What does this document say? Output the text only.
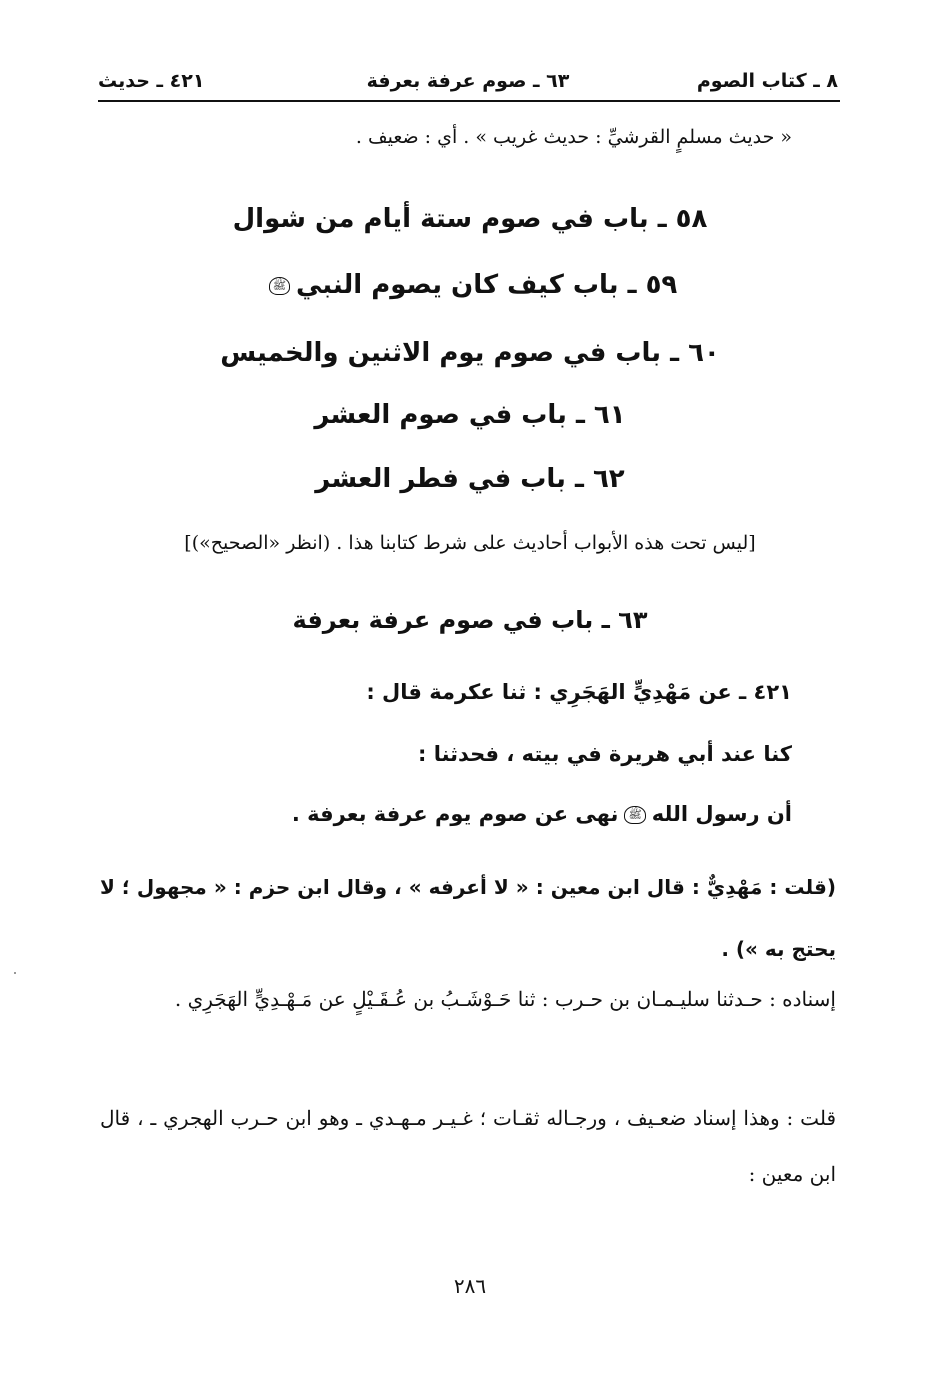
٨ ـ كتاب الصوم
٦٣ ـ صوم عرفة بعرفة
٤٢١ ـ حديث
« حديث مسلمٍ القرشيِّ : حديث غريب » . أي : ضعيف .
٥٨ ـ باب في صوم ستة أيام من شوال
٥٩ ـ باب كيف كان يصوم النبيﷺ
٦٠ ـ باب في صوم يوم الاثنين والخميس
٦١ ـ باب في صوم العشر
٦٢ ـ باب في فطر العشر
[ليس تحت هذه الأبواب أحاديث على شرط كتابنا هذا . (انظر «الصحيح»)]
٦٣ ـ باب في صوم عرفة بعرفة
٤٢١ ـ عن مَهْدِيٍّ الهَجَرِي : ثنا عكرمة قال :
كنا عند أبي هريرة في بيته ، فحدثنا :
أن رسول اللهﷺنهى عن صوم يوم عرفة بعرفة .
(قلت : مَهْدِيٌّ : قال ابن معين : « لا أعرفه » ، وقال ابن حزم : « مجهول ؛ لا يحتج به ») .
إسناده : حـدثنا سليـمـان بن حـرب : ثنا حَـوْشَـبُ بن عُـقَـيْلٍ عن مَـهْـدِيٍّ الهَجَرِي .
قلت : وهذا إسناد ضعـيف ، ورجـاله ثقـات ؛ غـيـر مـهـدي ـ وهو ابن حـرب الهجري ـ ، قال ابن معين :
٢٨٦
